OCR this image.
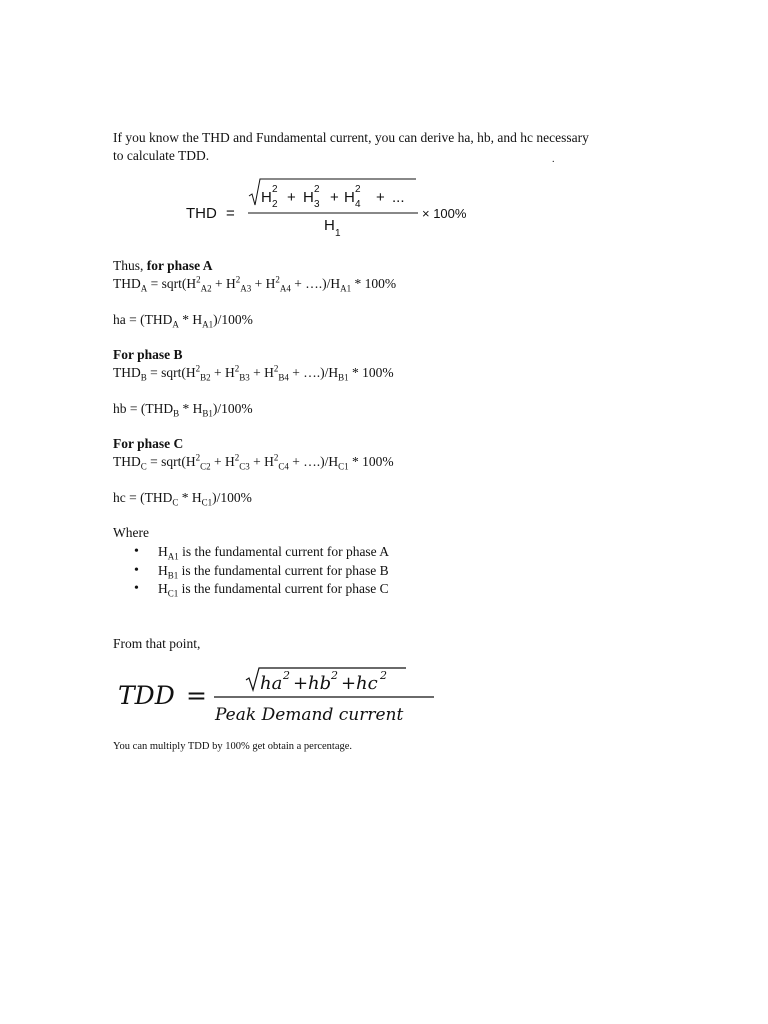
If you know the THD and Fundamental current, you can derive ha, hb, and hc necessary
to calculate TDD.	.
THD =
H 2
2 + H 2
3 + H 2
4 + ...
H 1
× 100%
Thus, for phase A
$THD_A$ = $sqrt(H^2_{A2} + H^2_{A3} + H^2_{A4}$ + $\dots.)/H_{A1} * 100\%$
ha = $(THD_A * H_{A1})/100\%$
For phase B
$THD_B$ = $sqrt(H^2_{B2} + H^2_{B3} + H^2_{B4}$ + $\dots.)/H_{B1} * 100\%$
hb = $(THD_B * H_{B1})/100\%$
For phase C
$THD_C$ = $sqrt(H^2_{C2} + H^2_{C3} + H^2_{C4}$ + $\dots.)/H_{C1} * 100\%$
hc = $(THD_C * H_{C1})/100\%$
Where
• $H_{A1}$ is the fundamental current for phase A
• $H_{B1}$ is the fundamental current for phase B
• $H_{C1}$ is the fundamental current for phase C
From that point,
TDD =	ha 2 + hb 2 + hc 2
Peak Demand current
You can multiply TDD by 100% get obtain a percentage.
